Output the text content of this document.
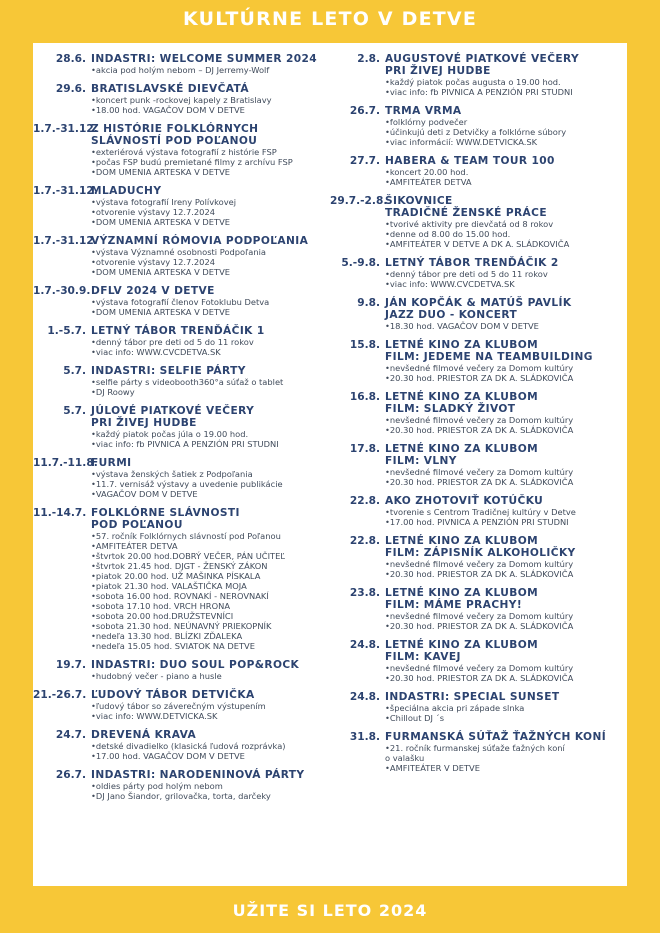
KULTÚRNE LETO V DETVE
28.6. INDASTRI: WELCOME SUMMER 2024
•akcia pod holým nebom – DJ Jerremy-Wolf
29.6. BRATISLAVSKÉ DIEVČATÁ
•koncert punk -rockovej kapely z Bratislavy
•18.00 hod. VAGAČOV DOM V DETVE
1.7.-31.12.
Z HISTÓRIE FOLKLÓRNYCH
SLÁVNOSTÍ POD POĽANOU
•exteriérová výstava fotografií z histórie FSP
•počas FSP budú premietané filmy z archívu FSP
•DOM UMENIA ARTESKA V DETVE
1.7.-31.12.
MLADUCHY
•výstava fotografií Ireny Polívkovej
•otvorenie výstavy 12.7.2024
•DOM UMENIA ARTESKA V DETVE
1.7.-31.12.
VÝZNAMNÍ RÓMOVIA PODPOĽANIA
•výstava Významné osobnosti Podpoľania
•otvorenie výstavy 12.7.2024
•DOM UMENIA ARTESKA V DETVE
1.7.-30.9. DFLV 2024 V DETVE
•výstava fotografií členov Fotoklubu Detva
•DOM UMENIA ARTESKA V DETVE
1.-5.7. LETNÝ TÁBOR TRENĎÁČIK 1
•denný tábor pre deti od 5 do 11 rokov
•viac info: WWW.CVCDETVA.SK
5.7. INDASTRI: SELFIE PÁRTY
•selfie párty s videobooth360°a súťaž o tablet
•DJ Roowy
5.7. JÚLOVÉ PIATKOVÉ VEČERY
PRI ŽIVEJ HUDBE
•každý piatok počas júla o 19.00 hod.
•viac info: fb PIVNICA A PENZIÓN PRI STUDNI
11.7.-11.8.
FURMI
•výstava ženských šatiek z Podpoľania
•11.7. vernisáž výstavy a uvedenie publikácie
•VAGAČOV DOM V DETVE
11.-14.7. FOLKLÓRNE SLÁVNOSTI
POD POĽANOU
•57. ročník Folklórnych slávností pod Poľanou
•AMFITEÁTER DETVA
•štvrtok 20.00 hod.DOBRÝ VEČER, PÁN UČITEĽ
•štvrtok 21.45 hod. DJGT - ŽENSKÝ ZÁKON
•piatok 20.00 hod. UŽ MAŠINKA PÍSKALA
•piatok 21.30 hod. VALAŠTIČKA MOJA
•sobota 16.00 hod. ROVNAKÍ - NEROVNAKÍ
•sobota 17.10 hod. VRCH HRONA
•sobota 20.00 hod.DRUŽSTEVNÍCI
•sobota 21.30 hod. NEÚNAVNÝ PRIEKOPNÍK
•nedeľa 13.30 hod. BLÍZKI ZĎALEKA
•nedeľa 15.05 hod. SVIATOK NA DETVE
19.7. INDASTRI: DUO SOUL POP&ROCK
•hudobný večer - piano a husle
21.-26.7. ĽUDOVÝ TÁBOR DETVIČKA
•ľudový tábor so záverečným výstupením
•viac info: WWW.DETVICKA.SK
24.7. DREVENÁ KRAVA
•detské divadielko (klasická ľudová rozprávka)
•17.00 hod. VAGAČOV DOM V DETVE
26.7. INDASTRI: NARODENINOVÁ PÁRTY
•oldies párty pod holým nebom
•DJ Jano Šiandor, grilovačka, torta, darčeky
2.8. AUGUSTOVÉ PIATKOVÉ VEČERY
PRI ŽIVEJ HUDBE
•každý piatok počas augusta o 19.00 hod.
•viac info: fb PIVNICA A PENZIÓN PRI STUDNI
26.7. TRMA VRMA
•folklórny podvečer
•účinkujú deti z Detvičky a folklórne súbory
•viac informácií: WWW.DETVICKA.SK
27.7. HABERA & TEAM TOUR 100
•koncert 20.00 hod.
•AMFITEÁTER DETVA
29.7.-2.8.
ŠIKOVNICE
TRADIČNÉ ŽENSKÉ PRÁCE
•tvorivé aktivity pre dievčatá od 8 rokov
•denne od 8.00 do 15.00 hod.
•AMFITEÁTER V DETVE A DK A. SLÁDKOVIČA
5.-9.8. LETNÝ TÁBOR TRENĎÁČIK 2
•denný tábor pre deti od 5 do 11 rokov
•viac info: WWW.CVCDETVA.SK
9.8. JÁN KOPČÁK & MATÚŠ PAVLÍK
JAZZ DUO - KONCERT
•18.30 hod. VAGAČOV DOM V DETVE
15.8. LETNÉ KINO ZA KLUBOM
FILM: JEDEME NA TEAMBUILDING
•nevšedné filmové večery za Domom kultúry
•20.30 hod. PRIESTOR ZA DK A. SLÁDKOVIČA
16.8. LETNÉ KINO ZA KLUBOM
FILM: SLADKÝ ŽIVOT
•nevšedné filmové večery za Domom kultúry
•20.30 hod. PRIESTOR ZA DK A. SLÁDKOVIČA
17.8. LETNÉ KINO ZA KLUBOM
FILM: VLNY
•nevšedné filmové večery za Domom kultúry
•20.30 hod. PRIESTOR ZA DK A. SLÁDKOVIČA
22.8. AKO ZHOTOVIŤ KOTÚČKU
•tvorenie s Centrom Tradičnej kultúry v Detve
•17.00 hod. PIVNICA A PENZIÓN PRI STUDNI
22.8. LETNÉ KINO ZA KLUBOM
FILM: ZÁPISNÍK ALKOHOLIČKY
•nevšedné filmové večery za Domom kultúry
•20.30 hod. PRIESTOR ZA DK A. SLÁDKOVIČA
23.8. LETNÉ KINO ZA KLUBOM
FILM: MÁME PRACHY!
•nevšedné filmové večery za Domom kultúry
•20.30 hod. PRIESTOR ZA DK A. SLÁDKOVIČA
24.8. LETNÉ KINO ZA KLUBOM
FILM: KAVEJ
•nevšedné filmové večery za Domom kultúry
•20.30 hod. PRIESTOR ZA DK A. SLÁDKOVIČA
24.8. INDASTRI: SPECIAL SUNSET
•špeciálna akcia pri západe slnka
•Chillout DJ ´s
31.8. FURMANSKÁ SÚŤAŽ ŤAŽNÝCH KONÍ
•21. ročník furmanskej súťaže ťažných koní
o valašku
•AMFITEÁTER V DETVE
UŽITE SI LETO 2024
